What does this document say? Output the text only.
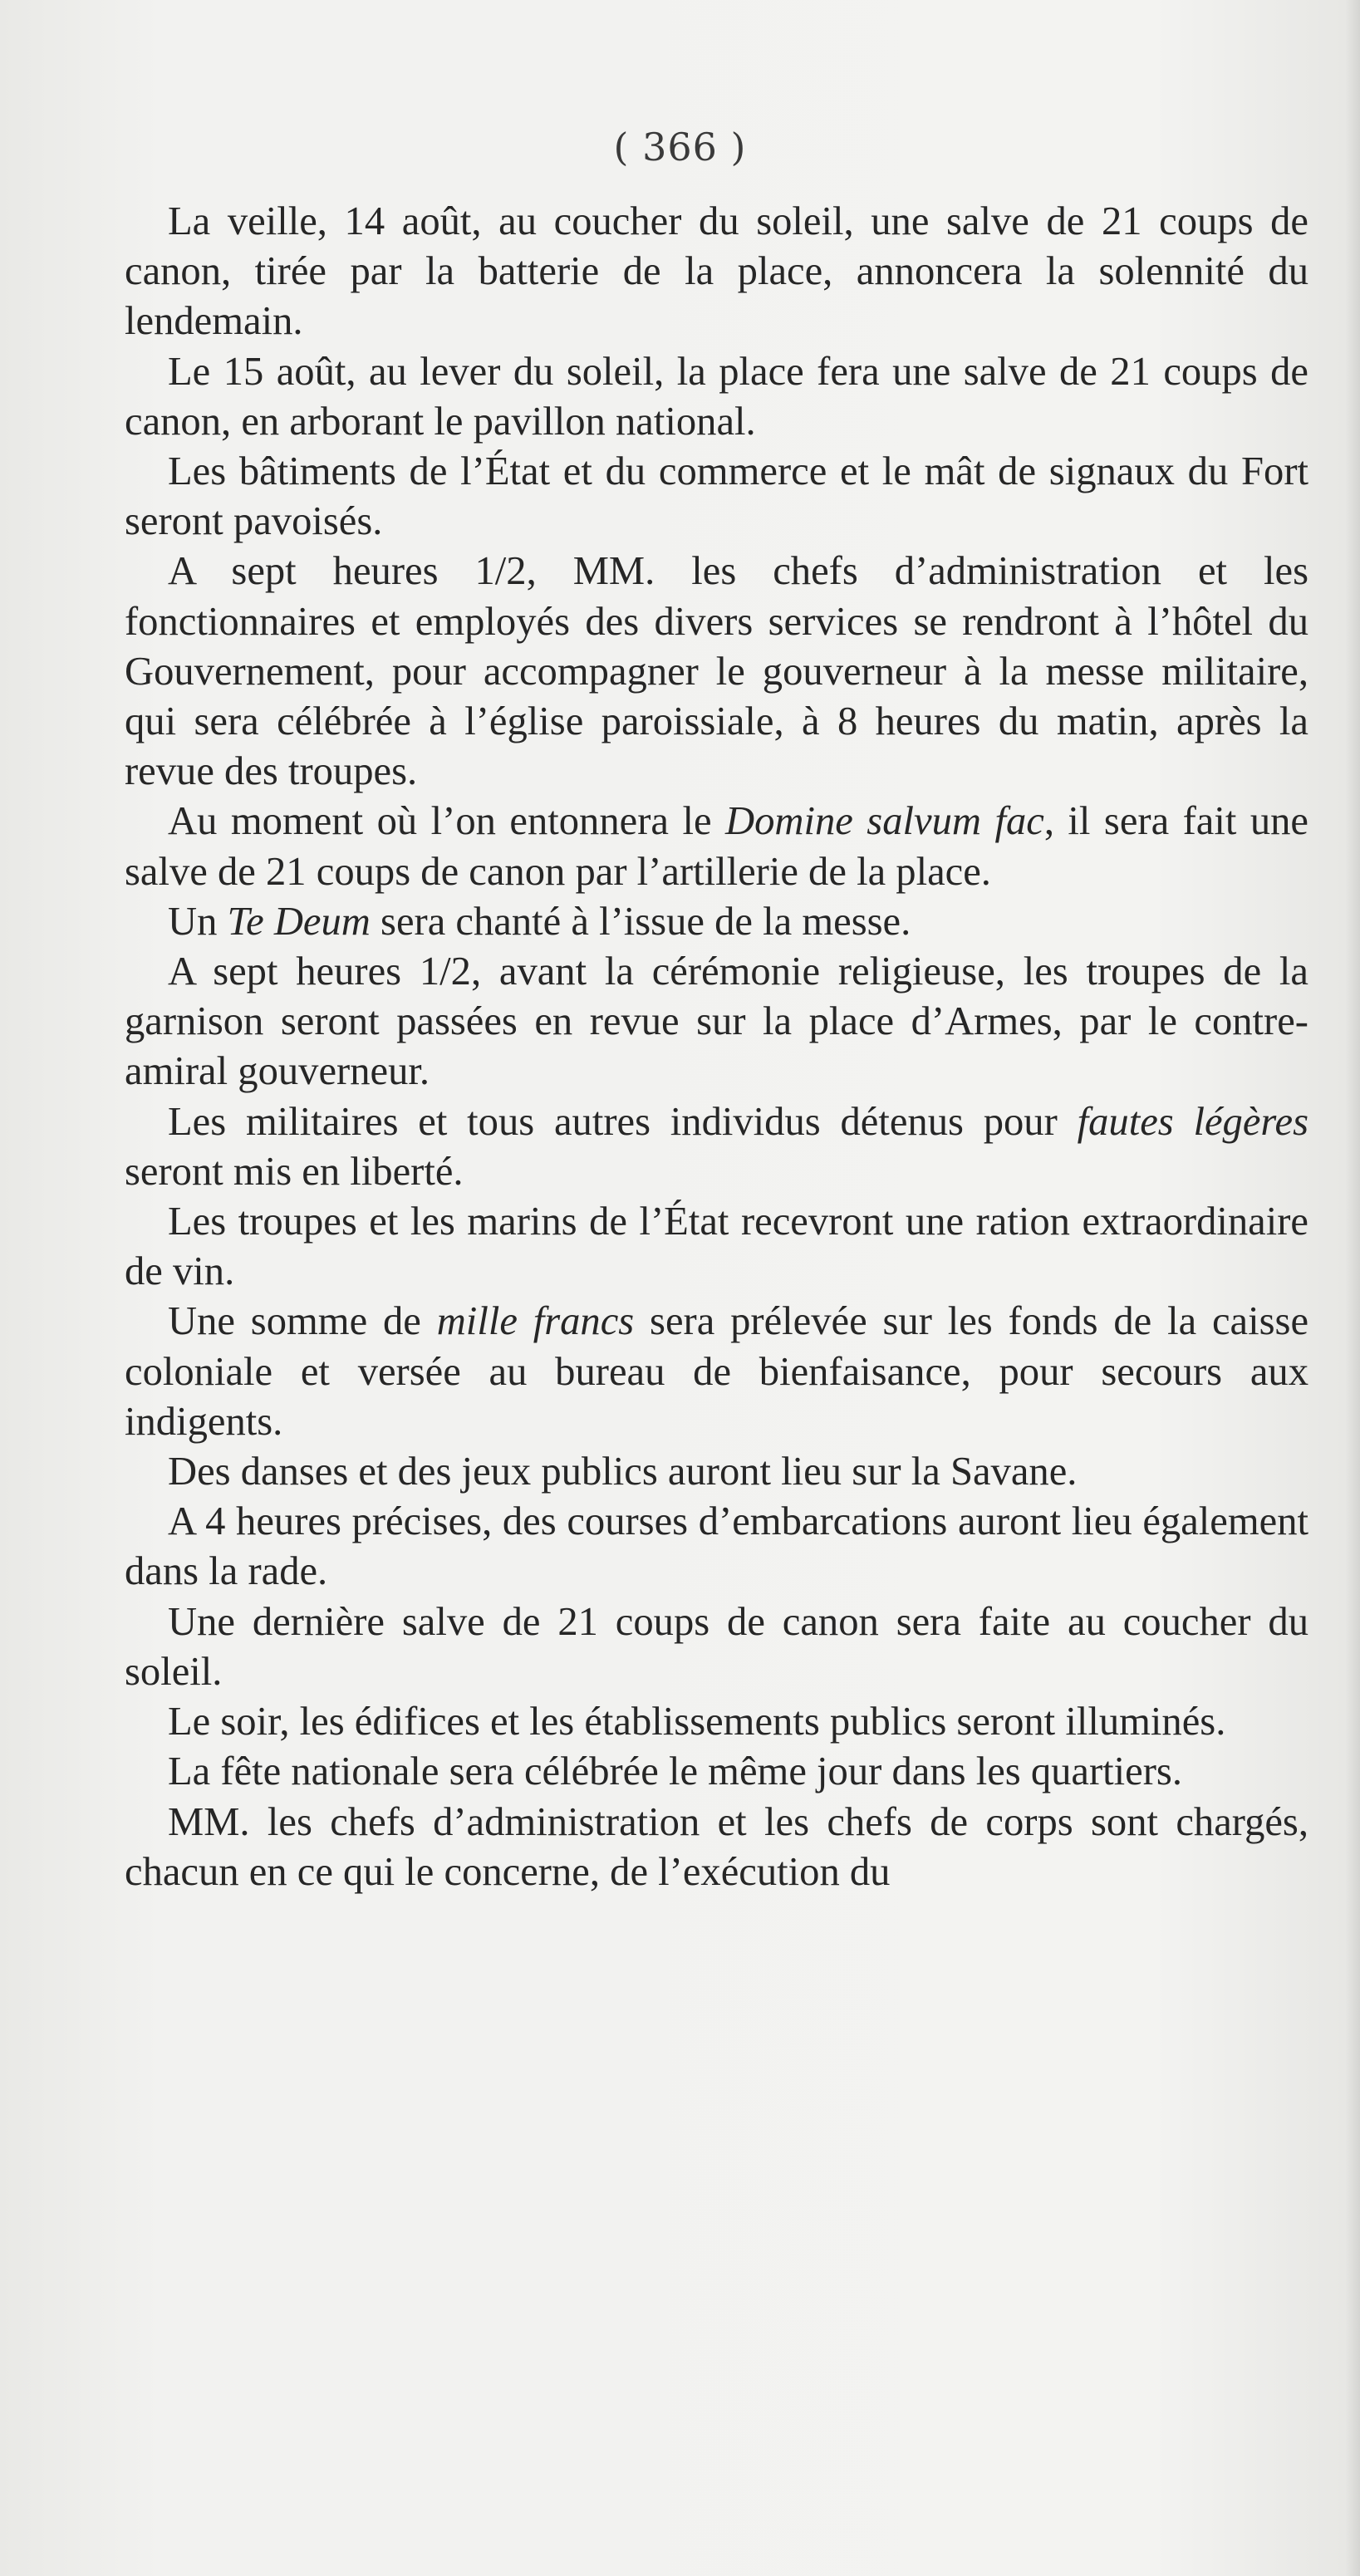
( 366 )

La veille, 14 août, au coucher du soleil, une salve de 21 coups de canon, tirée par la batterie de la place, annoncera la solennité du lendemain.

Le 15 août, au lever du soleil, la place fera une salve de 21 coups de canon, en arborant le pavillon national.

Les bâtiments de l’État et du commerce et le mât de signaux du Fort seront pavoisés.

A sept heures 1/2, MM. les chefs d’administration et les fonctionnaires et employés des divers services se rendront à l’hôtel du Gouvernement, pour accompagner le gouverneur à la messe militaire, qui sera célébrée à l’église paroissiale, à 8 heures du matin, après la revue des troupes.

Au moment où l’on entonnera le Domine salvum fac, il sera fait une salve de 21 coups de canon par l’artillerie de la place.

Un Te Deum sera chanté à l’issue de la messe.

A sept heures 1/2, avant la cérémonie religieuse, les troupes de la garnison seront passées en revue sur la place d’Armes, par le contre-amiral gouverneur.

Les militaires et tous autres individus détenus pour fautes légères seront mis en liberté.

Les troupes et les marins de l’État recevront une ration extraordinaire de vin.

Une somme de mille francs sera prélevée sur les fonds de la caisse coloniale et versée au bureau de bienfaisance, pour secours aux indigents.

Des danses et des jeux publics auront lieu sur la Savane.

A 4 heures précises, des courses d’embarcations auront lieu également dans la rade.

Une dernière salve de 21 coups de canon sera faite au coucher du soleil.

Le soir, les édifices et les établissements publics seront illuminés.

La fête nationale sera célébrée le même jour dans les quartiers.

MM. les chefs d’administration et les chefs de corps sont chargés, chacun en ce qui le concerne, de l’exécution du
